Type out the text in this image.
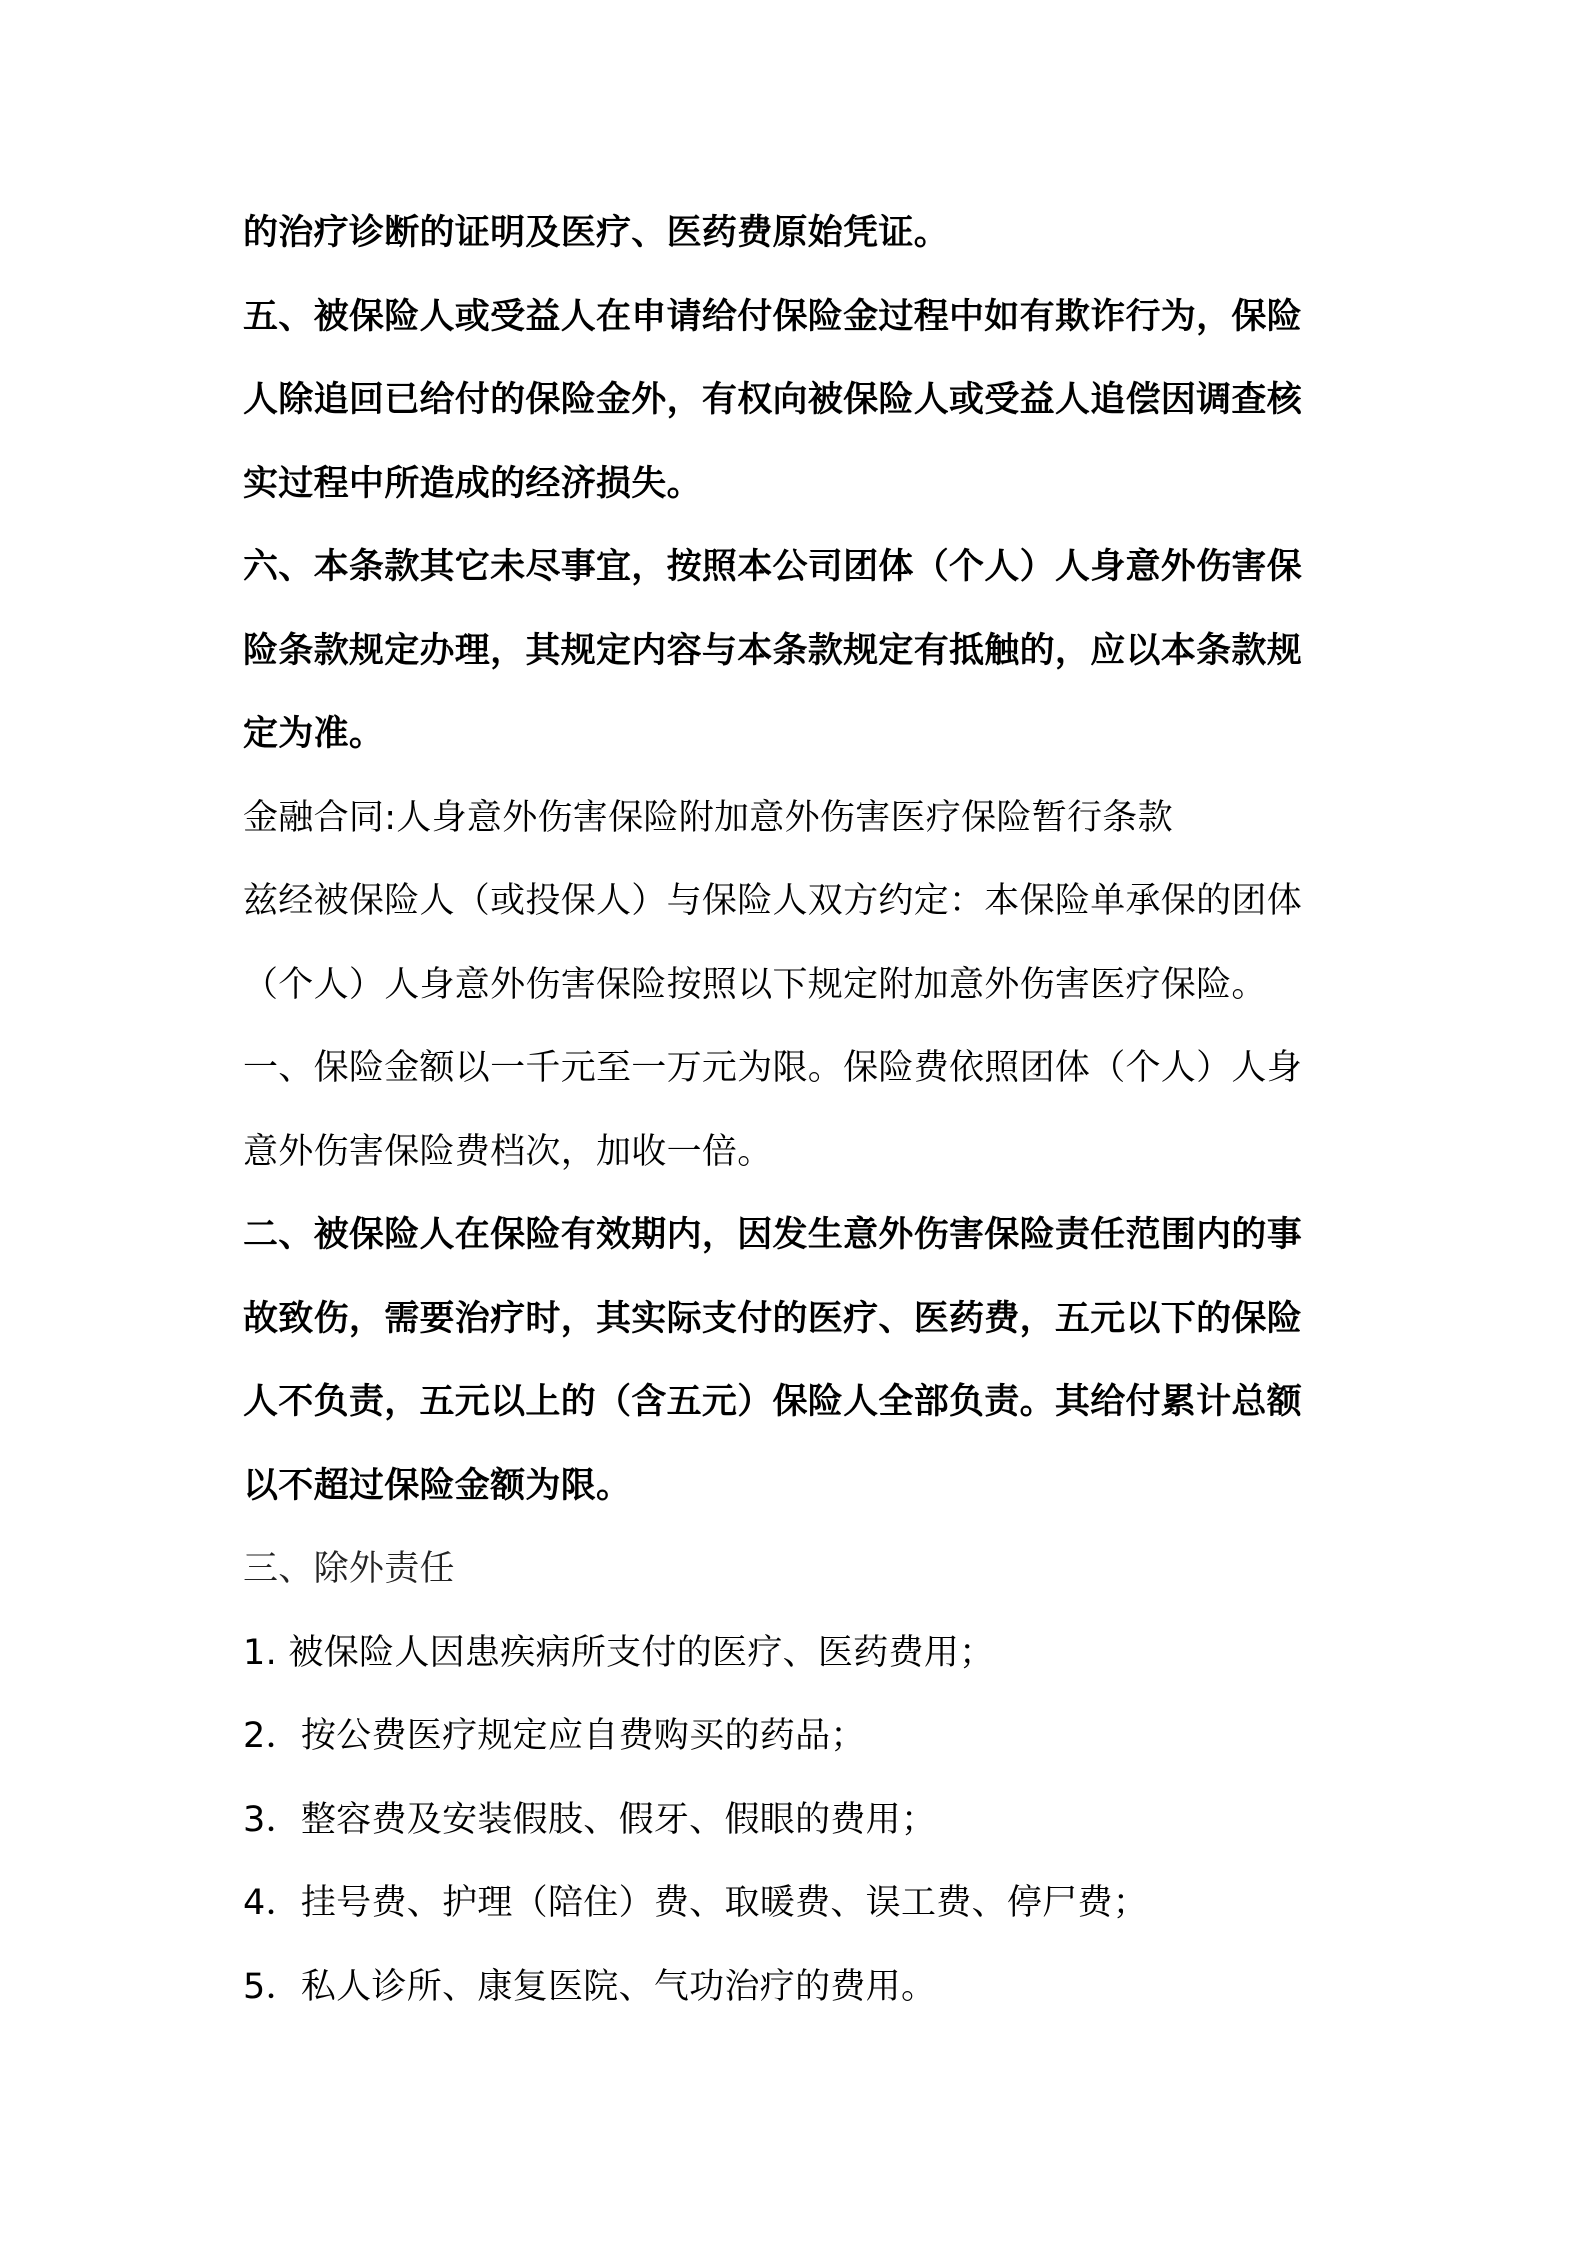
的治疗诊断的证明及医疗、医药费原始凭证。

五、被保险人或受益人在申请给付保险金过程中如有欺诈行为，保险

人除追回已给付的保险金外，有权向被保险人或受益人追偿因调查核

实过程中所造成的经济损失。

六、本条款其它未尽事宜，按照本公司团体（个人）人身意外伤害保

险条款规定办理，其规定内容与本条款规定有抵触的，应以本条款规

定为准。

金融合同:人身意外伤害保险附加意外伤害医疗保险暂行条款

兹经被保险人（或投保人）与保险人双方约定：本保险单承保的团体

（个人）人身意外伤害保险按照以下规定附加意外伤害医疗保险。

一、保险金额以一千元至一万元为限。保险费依照团体（个人）人身

意外伤害保险费档次，加收一倍。

二、被保险人在保险有效期内，因发生意外伤害保险责任范围内的事

故致伤，需要治疗时，其实际支付的医疗、医药费，五元以下的保险

人不负责，五元以上的（含五元）保险人全部负责。其给付累计总额

以不超过保险金额为限。

三、除外责任

1. 被保险人因患疾病所支付的医疗、医药费用；

2．按公费医疗规定应自费购买的药品；

3．整容费及安装假肢、假牙、假眼的费用；

4．挂号费、护理（陪住）费、取暖费、误工费、停尸费；

5．私人诊所、康复医院、气功治疗的费用。
